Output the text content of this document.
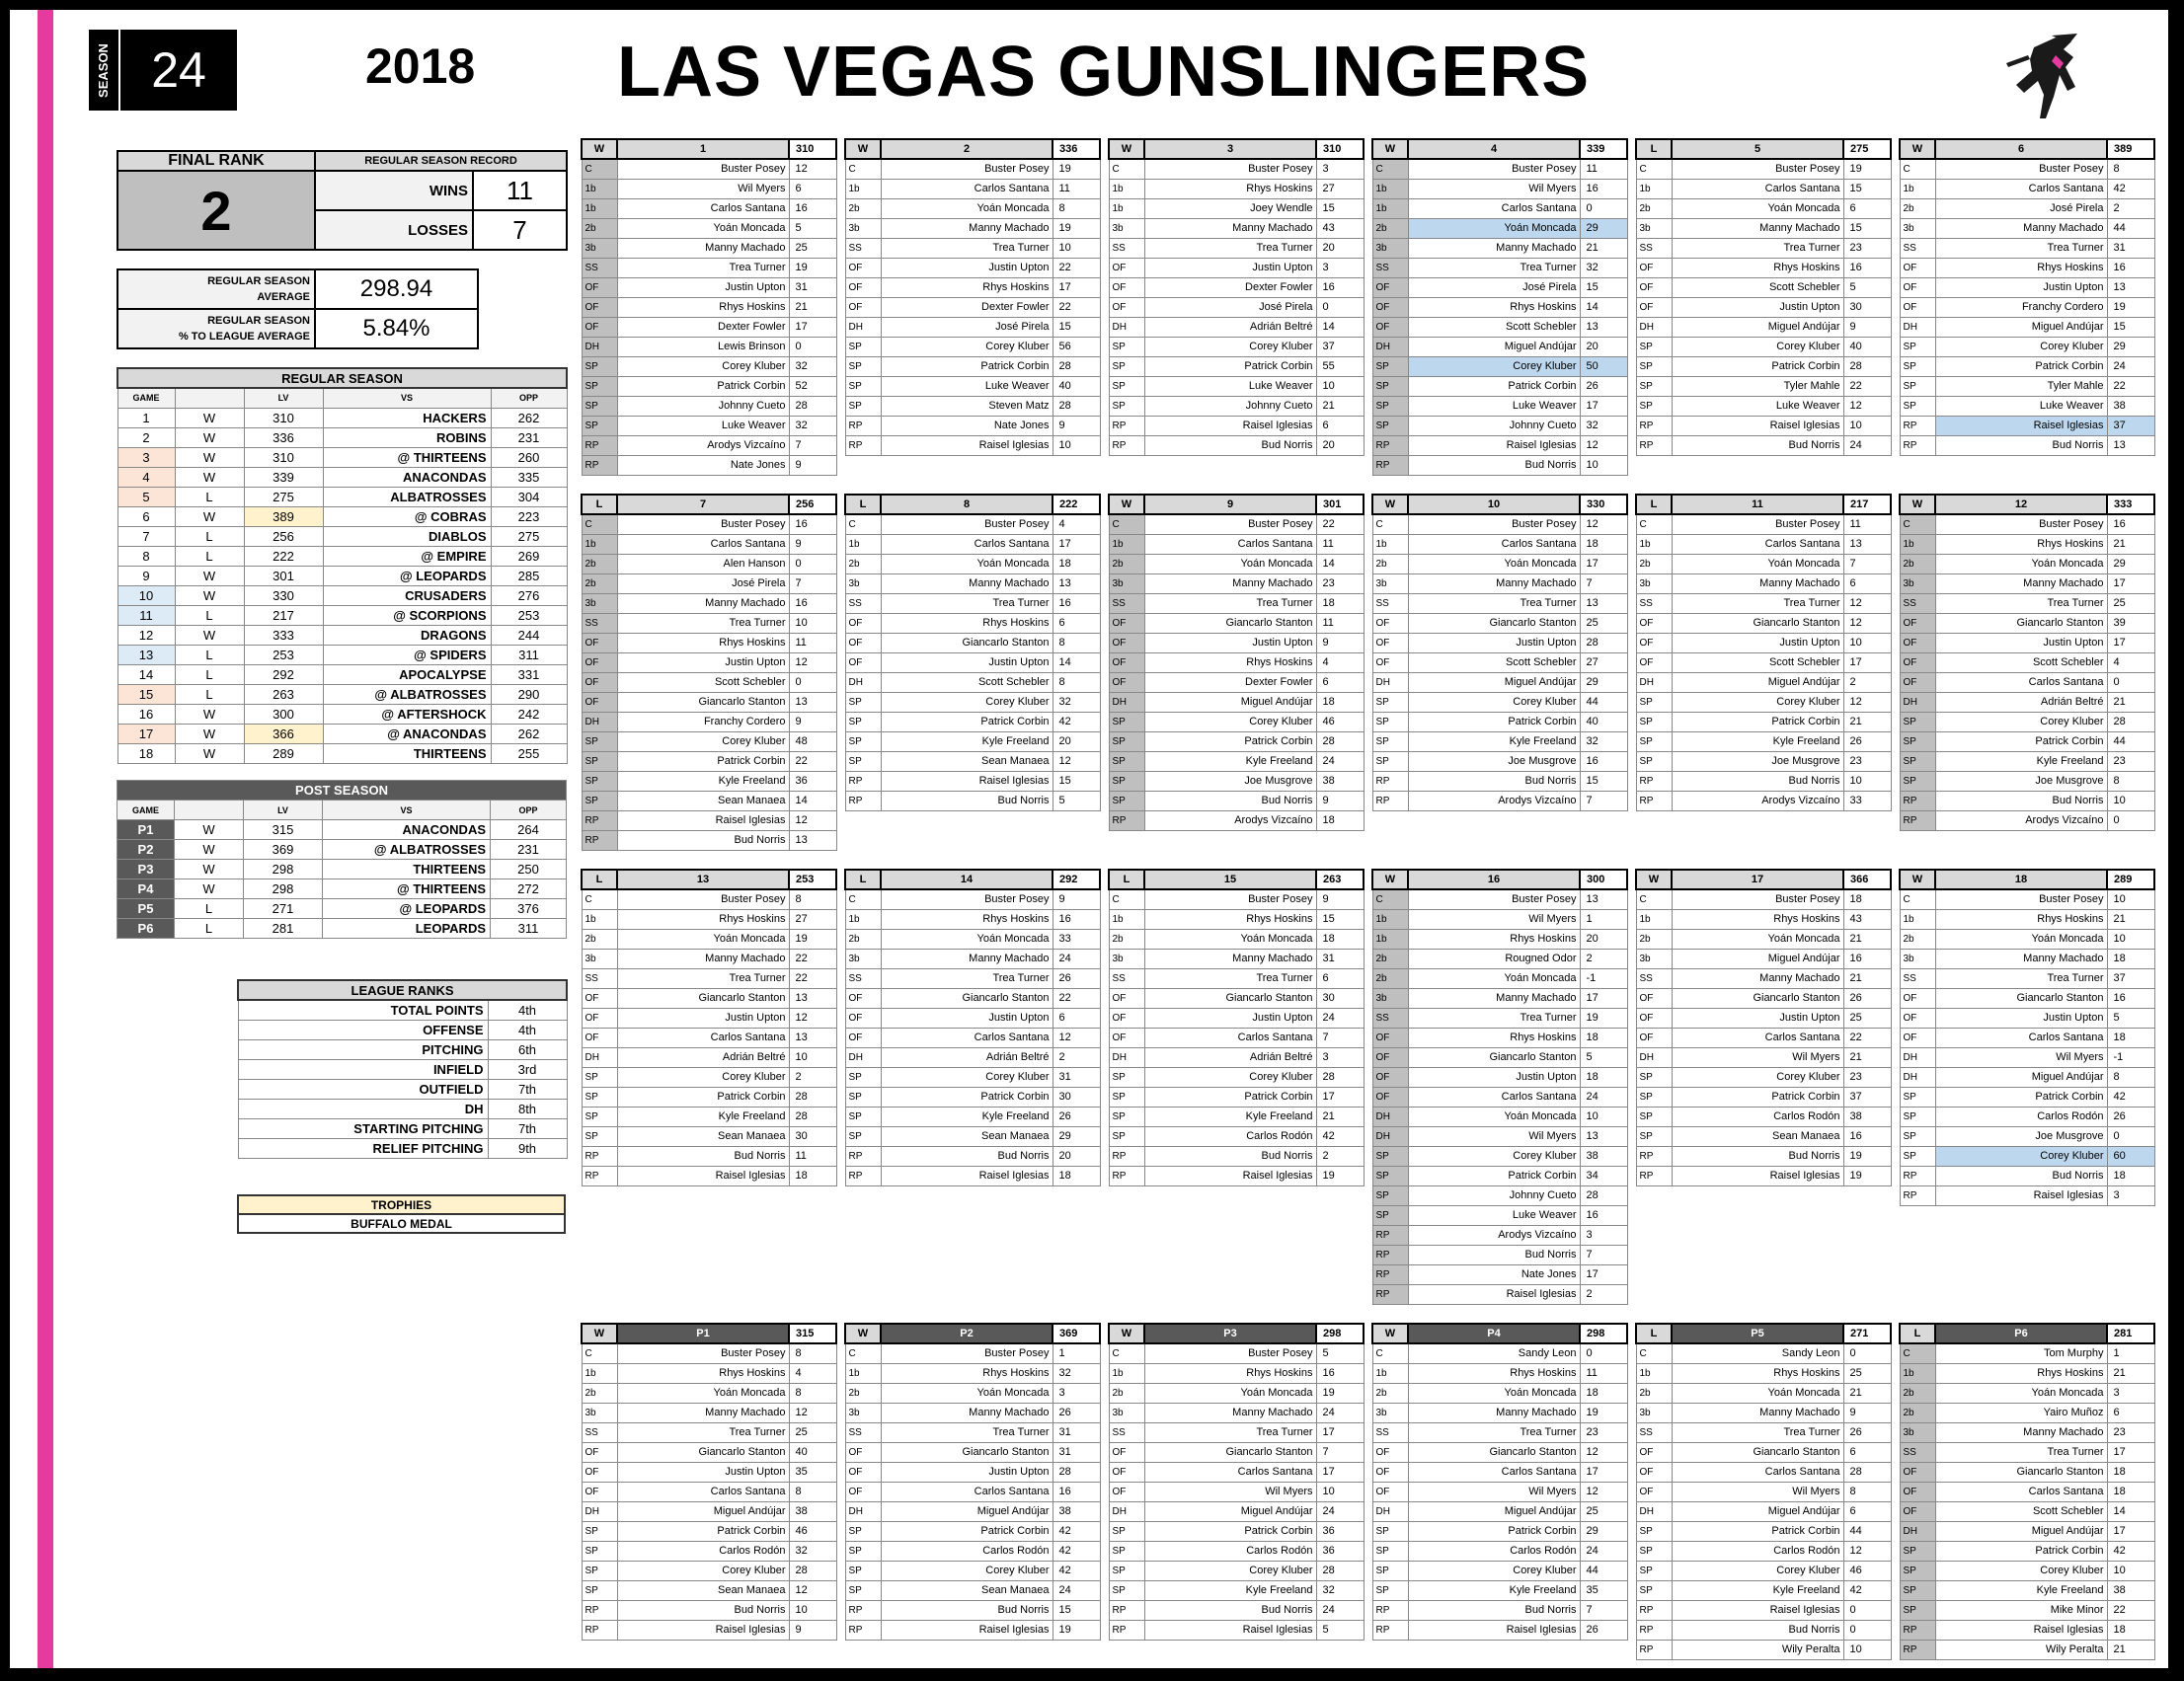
SEASON 24	2018 LAS VEGAS GUNSLINGERS
FINAL RANK	REGULAR SEASON RECORD	
2	WINS	11
	LOSSES	7
REGULAR SEASON
AVERAGE	298.94
REGULAR SEASON
% TO LEAGUE AVERAGE	5.84%
REGULAR SEASON				
GAME		LV	VS	OPP
1	W	310	HACKERS	262
2	W	336	ROBINS	231
3	W	310	@ THIRTEENS	260
4	W	339	ANACONDAS	335
5	L	275	ALBATROSSES	304
6	W	389	@ COBRAS	223
7	L	256	DIABLOS	275
8	L	222	@ EMPIRE	269
9	W	301	@ LEOPARDS	285
10	W	330	CRUSADERS	276
11	L	217	@ SCORPIONS	253
12	W	333	DRAGONS	244
13	L	253	@ SPIDERS	311
14	L	292	APOCALYPSE	331
15	L	263	@ ALBATROSSES	290
16	W	300	@ AFTERSHOCK	242
17	W	366	@ ANACONDAS	262
18	W	289	THIRTEENS	255
POST SEASON				
GAME		LV	VS	OPP
P1	W	315	ANACONDAS	264
P2	W	369	@ ALBATROSSES	231
P3	W	298	THIRTEENS	250
P4	W	298	@ THIRTEENS	272
P5	L	271	@ LEOPARDS	376
P6	L	281	LEOPARDS	311
LEAGUE RANKS	
TOTAL POINTS	4th
OFFENSE	4th
PITCHING	6th
INFIELD	3rd
OUTFIELD	7th
DH	8th
STARTING PITCHING	7th
RELIEF PITCHING	9th
TROPHIES
BUFFALO MEDAL
W	1	310
C	Buster Posey	12
1b	Wil Myers	6
1b	Carlos Santana	16
2b	Yoán Moncada	5
3b	Manny Machado	25
SS	Trea Turner	19
OF	Justin Upton	31
OF	Rhys Hoskins	21
OF	Dexter Fowler	17
DH	Lewis Brinson	0
SP	Corey Kluber	32
SP	Patrick Corbin	52
SP	Johnny Cueto	28
SP	Luke Weaver	32
RP	Arodys Vizcaíno	7
RP	Nate Jones	9
W	2	336
C	Buster Posey	19
1b	Carlos Santana	11
2b	Yoán Moncada	8
3b	Manny Machado	19
SS	Trea Turner	10
OF	Justin Upton	22
OF	Rhys Hoskins	17
OF	Dexter Fowler	22
DH	José Pirela	15
SP	Corey Kluber	56
SP	Patrick Corbin	28
SP	Luke Weaver	40
SP	Steven Matz	28
RP	Nate Jones	9
RP	Raisel Iglesias	10
W	3	310
C	Buster Posey	3
1b	Rhys Hoskins	27
1b	Joey Wendle	15
3b	Manny Machado	43
SS	Trea Turner	20
OF	Justin Upton	3
OF	Dexter Fowler	16
OF	José Pirela	0
DH	Adrián Beltré	14
SP	Corey Kluber	37
SP	Patrick Corbin	55
SP	Luke Weaver	10
SP	Johnny Cueto	21
RP	Raisel Iglesias	6
RP	Bud Norris	20
W	4	339
C	Buster Posey	11
1b	Wil Myers	16
1b	Carlos Santana	0
2b	Yoán Moncada	29
3b	Manny Machado	21
SS	Trea Turner	32
OF	José Pirela	15
OF	Rhys Hoskins	14
OF	Scott Schebler	13
DH	Miguel Andújar	20
SP	Corey Kluber	50
SP	Patrick Corbin	26
SP	Luke Weaver	17
SP	Johnny Cueto	32
RP	Raisel Iglesias	12
RP	Bud Norris	10
L	5	275
C	Buster Posey	19
1b	Carlos Santana	15
2b	Yoán Moncada	6
3b	Manny Machado	15
SS	Trea Turner	23
OF	Rhys Hoskins	16
OF	Scott Schebler	5
OF	Justin Upton	30
DH	Miguel Andújar	9
SP	Corey Kluber	40
SP	Patrick Corbin	28
SP	Tyler Mahle	22
SP	Luke Weaver	12
RP	Raisel Iglesias	10
RP	Bud Norris	24
W	6	389
C	Buster Posey	8
1b	Carlos Santana	42
2b	José Pirela	2
3b	Manny Machado	44
SS	Trea Turner	31
OF	Rhys Hoskins	16
OF	Justin Upton	13
OF	Franchy Cordero	19
DH	Miguel Andújar	15
SP	Corey Kluber	29
SP	Patrick Corbin	24
SP	Tyler Mahle	22
SP	Luke Weaver	38
RP	Raisel Iglesias	37
RP	Bud Norris	13
L	7	256
C	Buster Posey	16
1b	Carlos Santana	9
2b	Alen Hanson	0
2b	José Pirela	7
3b	Manny Machado	16
SS	Trea Turner	10
OF	Rhys Hoskins	11
OF	Justin Upton	12
OF	Scott Schebler	0
OF	Giancarlo Stanton	13
DH	Franchy Cordero	9
SP	Corey Kluber	48
SP	Patrick Corbin	22
SP	Kyle Freeland	36
SP	Sean Manaea	14
RP	Raisel Iglesias	12
RP	Bud Norris	13
L	8	222
C	Buster Posey	4
1b	Carlos Santana	17
2b	Yoán Moncada	18
3b	Manny Machado	13
SS	Trea Turner	16
OF	Rhys Hoskins	6
OF	Giancarlo Stanton	8
OF	Justin Upton	14
DH	Scott Schebler	8
SP	Corey Kluber	32
SP	Patrick Corbin	42
SP	Kyle Freeland	20
SP	Sean Manaea	12
RP	Raisel Iglesias	15
RP	Bud Norris	5
W	9	301
C	Buster Posey	22
1b	Carlos Santana	11
2b	Yoán Moncada	14
3b	Manny Machado	23
SS	Trea Turner	18
OF	Giancarlo Stanton	11
OF	Justin Upton	9
OF	Rhys Hoskins	4
OF	Dexter Fowler	6
DH	Miguel Andújar	18
SP	Corey Kluber	46
SP	Patrick Corbin	28
SP	Kyle Freeland	24
SP	Joe Musgrove	38
SP	Bud Norris	9
RP	Arodys Vizcaíno	18
W	10	330
C	Buster Posey	12
1b	Carlos Santana	18
2b	Yoán Moncada	17
3b	Manny Machado	7
SS	Trea Turner	13
OF	Giancarlo Stanton	25
OF	Justin Upton	28
OF	Scott Schebler	27
DH	Miguel Andújar	29
SP	Corey Kluber	44
SP	Patrick Corbin	40
SP	Kyle Freeland	32
SP	Joe Musgrove	16
RP	Bud Norris	15
RP	Arodys Vizcaíno	7
L	11	217
C	Buster Posey	11
1b	Carlos Santana	13
2b	Yoán Moncada	7
3b	Manny Machado	6
SS	Trea Turner	12
OF	Giancarlo Stanton	12
OF	Justin Upton	10
OF	Scott Schebler	17
DH	Miguel Andújar	2
SP	Corey Kluber	12
SP	Patrick Corbin	21
SP	Kyle Freeland	26
SP	Joe Musgrove	23
RP	Bud Norris	10
RP	Arodys Vizcaíno	33
W	12	333
C	Buster Posey	16
1b	Rhys Hoskins	21
2b	Yoán Moncada	29
3b	Manny Machado	17
SS	Trea Turner	25
OF	Giancarlo Stanton	39
OF	Justin Upton	17
OF	Scott Schebler	4
OF	Carlos Santana	0
DH	Adrián Beltré	21
SP	Corey Kluber	28
SP	Patrick Corbin	44
SP	Kyle Freeland	23
SP	Joe Musgrove	8
RP	Bud Norris	10
RP	Arodys Vizcaíno	0
L	13	253
C	Buster Posey	8
1b	Rhys Hoskins	27
2b	Yoán Moncada	19
3b	Manny Machado	22
SS	Trea Turner	22
OF	Giancarlo Stanton	13
OF	Justin Upton	12
OF	Carlos Santana	13
DH	Adrián Beltré	10
SP	Corey Kluber	2
SP	Patrick Corbin	28
SP	Kyle Freeland	28
SP	Sean Manaea	30
RP	Bud Norris	11
RP	Raisel Iglesias	18
L	14	292
C	Buster Posey	9
1b	Rhys Hoskins	16
2b	Yoán Moncada	33
3b	Manny Machado	24
SS	Trea Turner	26
OF	Giancarlo Stanton	22
OF	Justin Upton	6
OF	Carlos Santana	12
DH	Adrián Beltré	2
SP	Corey Kluber	31
SP	Patrick Corbin	30
SP	Kyle Freeland	26
SP	Sean Manaea	29
RP	Bud Norris	20
RP	Raisel Iglesias	18
L	15	263
C	Buster Posey	9
1b	Rhys Hoskins	15
2b	Yoán Moncada	18
3b	Manny Machado	31
SS	Trea Turner	6
OF	Giancarlo Stanton	30
OF	Justin Upton	24
OF	Carlos Santana	7
DH	Adrián Beltré	3
SP	Corey Kluber	28
SP	Patrick Corbin	17
SP	Kyle Freeland	21
SP	Carlos Rodón	42
RP	Bud Norris	2
RP	Raisel Iglesias	19
W	16	300
C	Buster Posey	13
1b	Wil Myers	1
1b	Rhys Hoskins	20
2b	Rougned Odor	2
2b	Yoán Moncada	-1
3b	Manny Machado	17
SS	Trea Turner	19
OF	Rhys Hoskins	18
OF	Giancarlo Stanton	5
OF	Justin Upton	18
OF	Carlos Santana	24
DH	Yoán Moncada	10
DH	Wil Myers	13
SP	Corey Kluber	38
SP	Patrick Corbin	34
SP	Johnny Cueto	28
SP	Luke Weaver	16
RP	Arodys Vizcaíno	3
RP	Bud Norris	7
RP	Nate Jones	17
RP	Raisel Iglesias	2
W	17	366
C	Buster Posey	18
1b	Rhys Hoskins	43
2b	Yoán Moncada	21
3b	Miguel Andújar	16
SS	Manny Machado	21
OF	Giancarlo Stanton	26
OF	Justin Upton	25
OF	Carlos Santana	22
DH	Wil Myers	21
SP	Corey Kluber	23
SP	Patrick Corbin	37
SP	Carlos Rodón	38
SP	Sean Manaea	16
RP	Bud Norris	19
RP	Raisel Iglesias	19
W	18	289
C	Buster Posey	10
1b	Rhys Hoskins	21
2b	Yoán Moncada	10
3b	Manny Machado	18
SS	Trea Turner	37
OF	Giancarlo Stanton	16
OF	Justin Upton	5
OF	Carlos Santana	18
DH	Wil Myers	-1
DH	Miguel Andújar	8
SP	Patrick Corbin	42
SP	Carlos Rodón	26
SP	Joe Musgrove	0
SP	Corey Kluber	60
RP	Bud Norris	18
RP	Raisel Iglesias	3
W	P1	315
C	Buster Posey	8
1b	Rhys Hoskins	4
2b	Yoán Moncada	8
3b	Manny Machado	12
SS	Trea Turner	25
OF	Giancarlo Stanton	40
OF	Justin Upton	35
OF	Carlos Santana	8
DH	Miguel Andújar	38
SP	Patrick Corbin	46
SP	Carlos Rodón	32
SP	Corey Kluber	28
SP	Sean Manaea	12
RP	Bud Norris	10
RP	Raisel Iglesias	9
W	P2	369
C	Buster Posey	1
1b	Rhys Hoskins	32
2b	Yoán Moncada	3
3b	Manny Machado	26
SS	Trea Turner	31
OF	Giancarlo Stanton	31
OF	Justin Upton	28
OF	Carlos Santana	16
DH	Miguel Andújar	38
SP	Patrick Corbin	42
SP	Carlos Rodón	42
SP	Corey Kluber	42
SP	Sean Manaea	24
RP	Bud Norris	15
RP	Raisel Iglesias	19
W	P3	298
C	Buster Posey	5
1b	Rhys Hoskins	16
2b	Yoán Moncada	19
3b	Manny Machado	24
SS	Trea Turner	17
OF	Giancarlo Stanton	7
OF	Carlos Santana	17
OF	Wil Myers	10
DH	Miguel Andújar	24
SP	Patrick Corbin	36
SP	Carlos Rodón	36
SP	Corey Kluber	28
SP	Kyle Freeland	32
RP	Bud Norris	24
RP	Raisel Iglesias	5
W	P4	298
C	Sandy Leon	0
1b	Rhys Hoskins	11
2b	Yoán Moncada	18
3b	Manny Machado	19
SS	Trea Turner	23
OF	Giancarlo Stanton	12
OF	Carlos Santana	17
OF	Wil Myers	12
DH	Miguel Andújar	25
SP	Patrick Corbin	29
SP	Carlos Rodón	24
SP	Corey Kluber	44
SP	Kyle Freeland	35
RP	Bud Norris	7
RP	Raisel Iglesias	26
L	P5	271
C	Sandy Leon	0
1b	Rhys Hoskins	25
2b	Yoán Moncada	21
3b	Manny Machado	9
SS	Trea Turner	26
OF	Giancarlo Stanton	6
OF	Carlos Santana	28
OF	Wil Myers	8
DH	Miguel Andújar	6
SP	Patrick Corbin	44
SP	Carlos Rodón	12
SP	Corey Kluber	46
SP	Kyle Freeland	42
RP	Raisel Iglesias	0
RP	Bud Norris	0
RP	Wily Peralta	10
L	P6	281
C	Tom Murphy	1
1b	Rhys Hoskins	21
2b	Yoán Moncada	3
2b	Yairo Muñoz	6
3b	Manny Machado	23
SS	Trea Turner	17
OF	Giancarlo Stanton	18
OF	Carlos Santana	18
OF	Scott Schebler	14
DH	Miguel Andújar	17
SP	Patrick Corbin	42
SP	Corey Kluber	10
SP	Kyle Freeland	38
SP	Mike Minor	22
RP	Raisel Iglesias	18
RP	Wily Peralta	21
